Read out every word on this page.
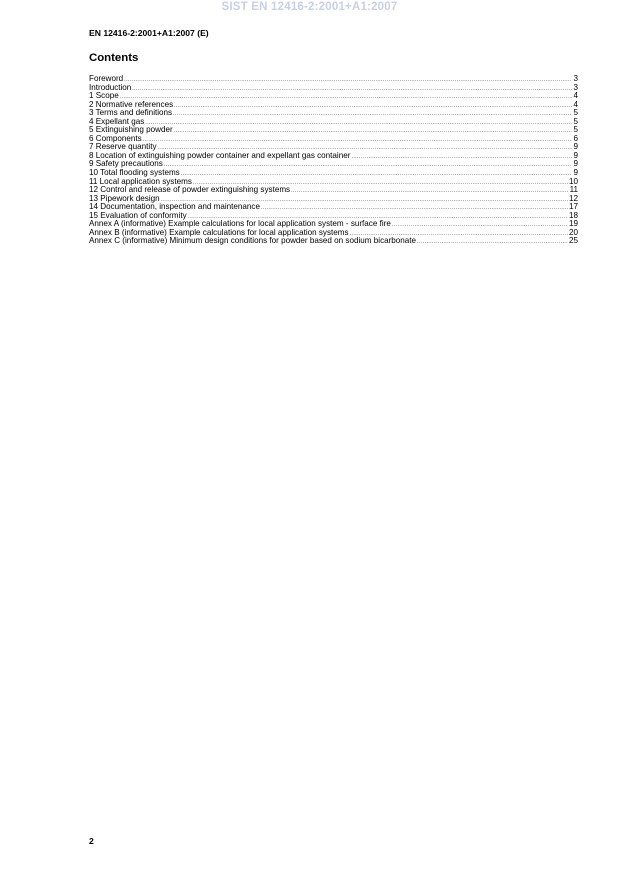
SIST EN 12416-2:2001+A1:2007
EN 12416-2:2001+A1:2007 (E)
Contents
Foreword .....	3
Introduction .....	3
1 Scope .....	4
2 Normative references .....	4
3 Terms and definitions .....	5
4 Expellant gas .....	5
5 Extinguishing powder .....	5
6 Components .....	6
7 Reserve quantity .....	9
8 Location of extinguishing powder container and expellant gas container .....	9
9 Safety precautions .....	9
10 Total flooding systems .....	9
11 Local application systems .....	10
12 Control and release of powder extinguishing systems .....	11
13 Pipework design .....	12
14 Documentation, inspection and maintenance .....	17
15 Evaluation of conformity .....	18
Annex A (informative) Example calculations for local application system - surface fire .....	19
Annex B (informative) Example calculations for local application systems .....	20
Annex C (informative) Minimum design conditions for powder based on sodium bicarbonate .....	25
2
